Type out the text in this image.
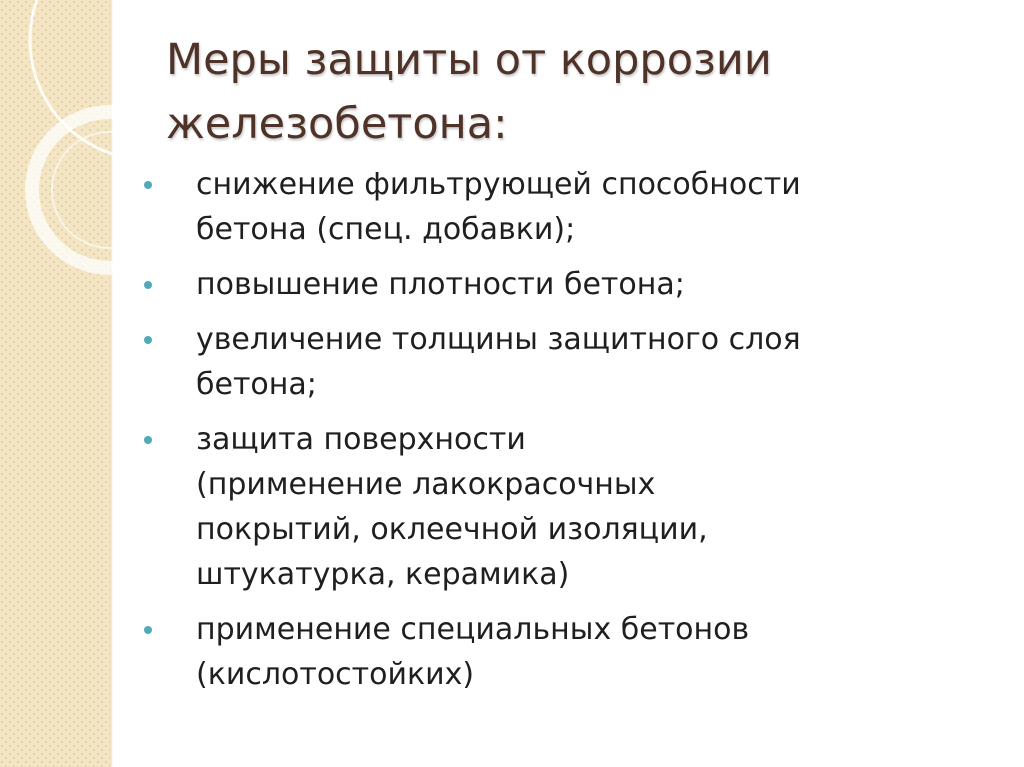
Меры защиты от коррозии
железобетона:
снижение фильтрующей способности
бетона (спец. добавки);
повышение плотности бетона;
увеличение толщины защитного слоя
бетона;
защита поверхности
(применение лакокрасочных
покрытий, оклеечной изоляции,
штукатурка, керамика)
применение специальных бетонов
(кислотостойких)
